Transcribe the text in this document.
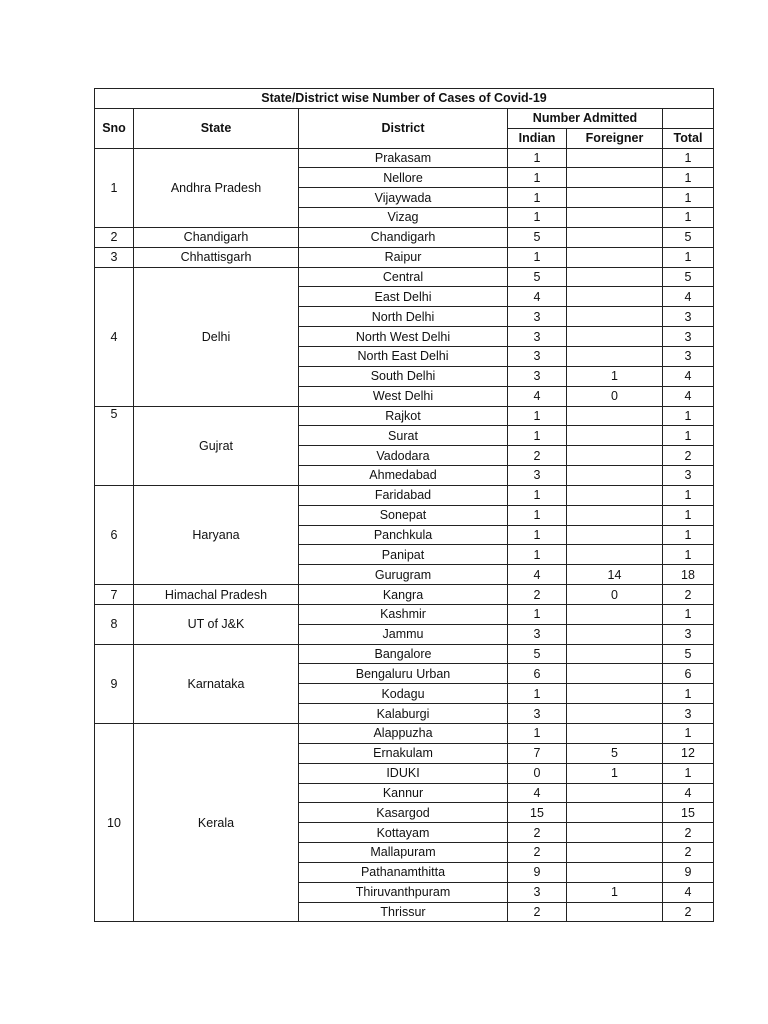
State/District wise Number of Cases of Covid-19					
Sno	State	District	Number Admitted		
			Indian	Foreigner	Total
1	Andhra Pradesh	Prakasam	1		1
		Nellore	1		1
		Vijaywada	1		1
		Vizag	1		1
2	Chandigarh	Chandigarh	5		5
3	Chhattisgarh	Raipur	1		1
4	Delhi	Central	5		5
		East Delhi	4		4
		North Delhi	3		3
		North West Delhi	3		3
		North East Delhi	3		3
		South Delhi	3	1	4
		West Delhi	4	0	4
5	Gujrat	Rajkot	1		1
		Surat	1		1
		Vadodara	2		2
		Ahmedabad	3		3
6	Haryana	Faridabad	1		1
		Sonepat	1		1
		Panchkula	1		1
		Panipat	1		1
		Gurugram	4	14	18
7	Himachal Pradesh	Kangra	2	0	2
8	UT of J&K	Kashmir	1		1
		Jammu	3		3
9	Karnataka	Bangalore	5		5
		Bengaluru Urban	6		6
		Kodagu	1		1
		Kalaburgi	3		3
10	Kerala	Alappuzha	1		1
		Ernakulam	7	5	12
		IDUKI	0	1	1
		Kannur	4		4
		Kasargod	15		15
		Kottayam	2		2
		Mallapuram	2		2
		Pathanamthitta	9		9
		Thiruvanthpuram	3	1	4
		Thrissur	2		2
